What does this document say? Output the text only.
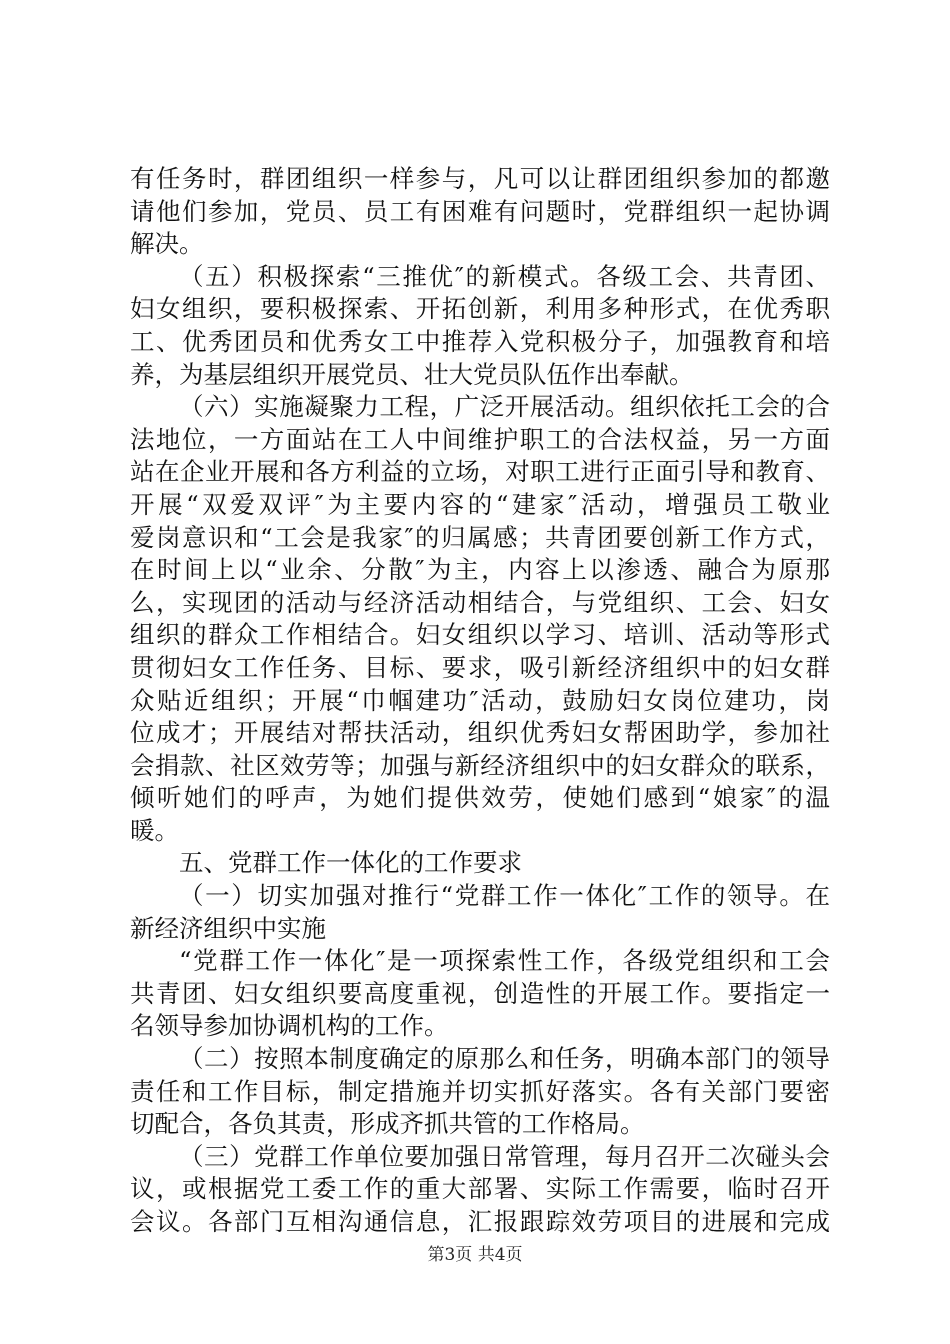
有任务时，群团组织一样参与，凡可以让群团组织参加的都邀
请他们参加，党员、员工有困难有问题时，党群组织一起协调
解决。
（五）积极探索“三推优″的新模式。各级工会、共青团、
妇女组织，要积极探索、开拓创新，利用多种形式，在优秀职
工、优秀团员和优秀女工中推荐入党积极分子，加强教育和培
养，为基层组织开展党员、壮大党员队伍作出奉献。
（六）实施凝聚力工程，广泛开展活动。组织依托工会的合
法地位，一方面站在工人中间维护职工的合法权益，另一方面
站在企业开展和各方利益的立场，对职工进行正面引导和教育、
开展“双爱双评″为主要内容的“建家″活动，增强员工敬业
爱岗意识和“工会是我家″的归属感；共青团要创新工作方式，
在时间上以“业余、分散″为主，内容上以渗透、融合为原那
么，实现团的活动与经济活动相结合，与党组织、工会、妇女
组织的群众工作相结合。妇女组织以学习、培训、活动等形式
贯彻妇女工作任务、目标、要求，吸引新经济组织中的妇女群
众贴近组织；开展“巾帼建功″活动，鼓励妇女岗位建功，岗
位成才；开展结对帮扶活动，组织优秀妇女帮困助学，参加社
会捐款、社区效劳等；加强与新经济组织中的妇女群众的联系，
倾听她们的呼声，为她们提供效劳，使她们感到“娘家″的温
暖。
五、党群工作一体化的工作要求
（一）切实加强对推行“党群工作一体化″工作的领导。在
新经济组织中实施
“党群工作一体化″是一项探索性工作，各级党组织和工会
共青团、妇女组织要高度重视，创造性的开展工作。要指定一
名领导参加协调机构的工作。
（二）按照本制度确定的原那么和任务，明确本部门的领导
责任和工作目标，制定措施并切实抓好落实。各有关部门要密
切配合，各负其责，形成齐抓共管的工作格局。
（三）党群工作单位要加强日常管理，每月召开二次碰头会
议，或根据党工委工作的重大部署、实际工作需要，临时召开
会议。各部门互相沟通信息，汇报跟踪效劳项目的进展和完成
第3页 共4页
